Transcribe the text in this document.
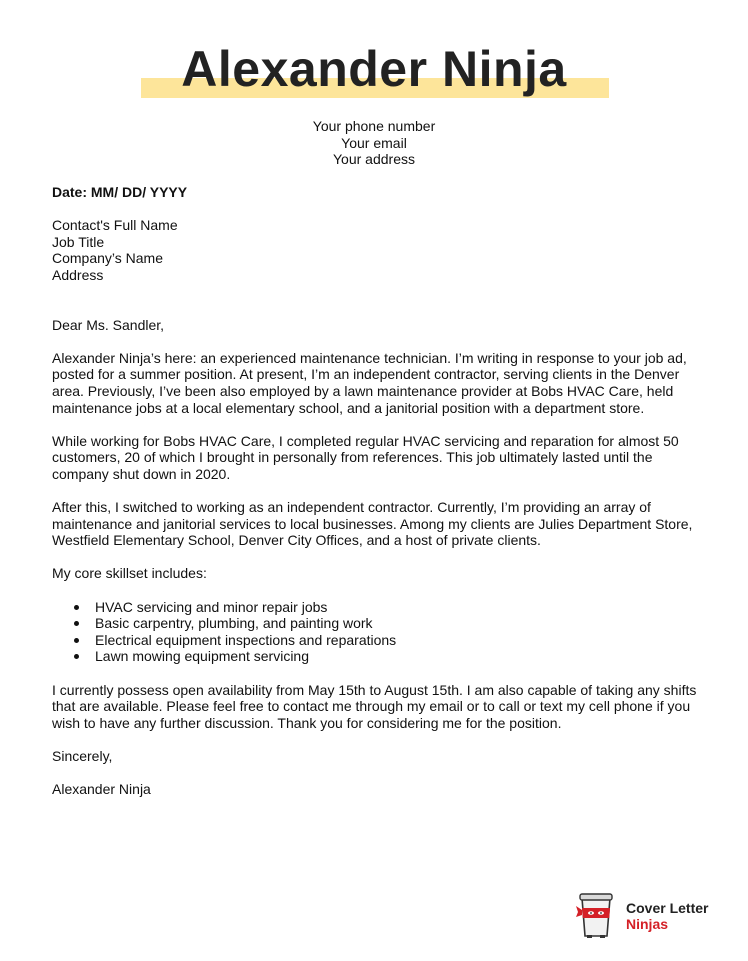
Alexander Ninja
Your phone number
Your email
Your address
Date: MM/ DD/ YYYY
Contact's Full Name
Job Title
Company’s Name
Address

Dear Ms. Sandler,

Alexander Ninja’s here: an experienced maintenance technician. I’m writing in response to your job ad, posted for a summer position. At present, I’m an independent contractor, serving clients in the Denver area. Previously, I’ve been also employed by a lawn maintenance provider at Bobs HVAC Care, held maintenance jobs at a local elementary school, and a janitorial position with a department store.

While working for Bobs HVAC Care, I completed regular HVAC servicing and reparation for almost 50 customers, 20 of which I brought in personally from references. This job ultimately lasted until the company shut down in 2020.

After this, I switched to working as an independent contractor. Currently, I’m providing an array of maintenance and janitorial services to local businesses. Among my clients are Julies Department Store, Westfield Elementary School, Denver City Offices, and a host of private clients.

My core skillset includes:

HVAC servicing and minor repair jobs
Basic carpentry, plumbing, and painting work
Electrical equipment inspections and reparations
Lawn mowing equipment servicing

I currently possess open availability from May 15th to August 15th. I am also capable of taking any shifts that are available. Please feel free to contact me through my email or to call or text my cell phone if you wish to have any further discussion. Thank you for considering me for the position.

Sincerely,

Alexander Ninja

Cover Letter
Ninjas
